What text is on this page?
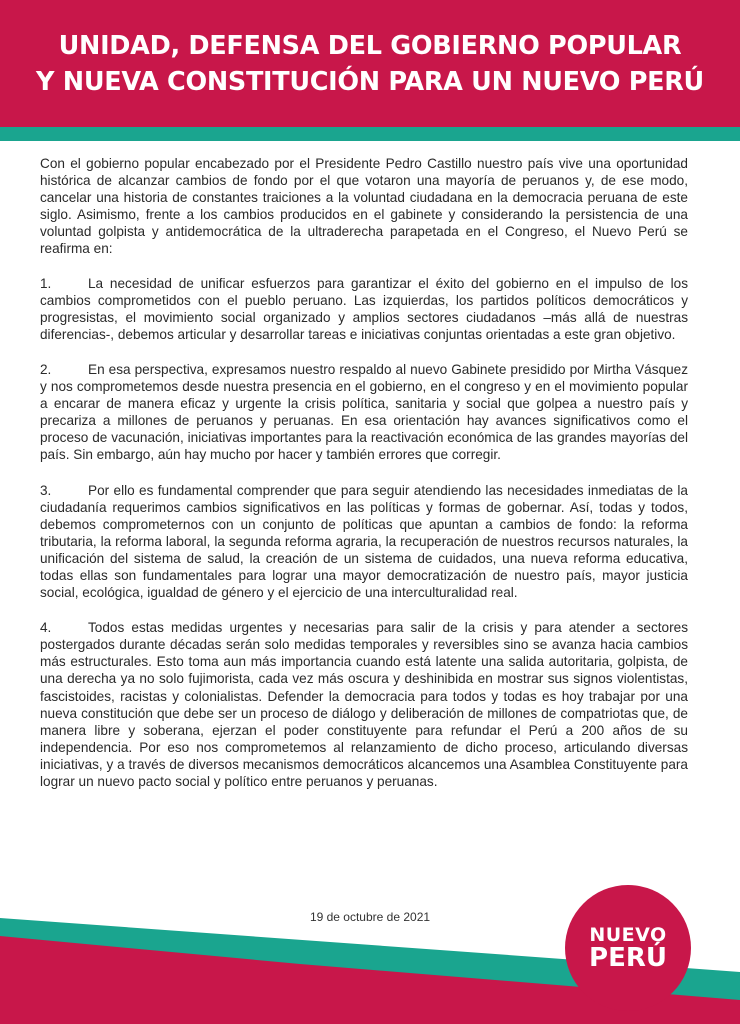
UNIDAD, DEFENSA DEL GOBIERNO POPULAR
Y NUEVA CONSTITUCIÓN PARA UN NUEVO PERÚ

Con el gobierno popular encabezado por el Presidente Pedro Castillo nuestro país vive una oportunidad histórica de alcanzar cambios de fondo por el que votaron una mayoría de peruanos y, de ese modo, cancelar una historia de constantes traiciones a la voluntad ciudadana en la democracia peruana de este siglo. Asimismo, frente a los cambios producidos en el gabinete y considerando la persistencia de una voluntad golpista y antidemocrática de la ultraderecha parapetada en el Congreso, el Nuevo Perú se reafirma en:

1.	La necesidad de unificar esfuerzos para garantizar el éxito del gobierno en el impulso de los cambios comprometidos con el pueblo peruano. Las izquierdas, los partidos políticos democráticos y progresistas, el movimiento social organizado y amplios sectores ciudadanos –más allá de nuestras diferencias-, debemos articular y desarrollar tareas e iniciativas conjuntas orientadas a este gran objetivo.

2.	En esa perspectiva, expresamos nuestro respaldo al nuevo Gabinete presidido por Mirtha Vásquez y nos comprometemos desde nuestra presencia en el gobierno, en el congreso y en el movimiento popular a encarar de manera eficaz y urgente la crisis política, sanitaria y social que golpea a nuestro país y precariza a millones de peruanos y peruanas. En esa orientación hay avances significativos como el proceso de vacunación, iniciativas importantes para la reactivación económica de las grandes mayorías del país. Sin embargo, aún hay mucho por hacer y también errores que corregir.

3.	Por ello es fundamental comprender que para seguir atendiendo las necesidades inmediatas de la ciudadanía requerimos cambios significativos en las políticas y formas de gobernar. Así, todas y todos, debemos comprometernos con un conjunto de políticas que apuntan a cambios de fondo: la reforma tributaria, la reforma laboral, la segunda reforma agraria, la recuperación de nuestros recursos naturales, la unificación del sistema de salud, la creación de un sistema de cuidados, una nueva reforma educativa, todas ellas son fundamentales para lograr una mayor democratización de nuestro país, mayor justicia social, ecológica, igualdad de género y el ejercicio de una interculturalidad real.

4.	Todos estas medidas urgentes y necesarias para salir de la crisis y para atender a sectores postergados durante décadas serán solo medidas temporales y reversibles sino se avanza hacia cambios más estructurales. Esto toma aun más importancia cuando está latente una salida autoritaria, golpista, de una derecha ya no solo fujimorista, cada vez más oscura y deshinibida en mostrar sus signos violentistas, fascistoides, racistas y colonialistas. Defender la democracia para todos y todas es hoy trabajar por una nueva constitución que debe ser un proceso de diálogo y deliberación de millones de compatriotas que, de manera libre y soberana, ejerzan el poder constituyente para refundar el Perú a 200 años de su independencia. Por eso nos comprometemos al relanzamiento de dicho proceso, articulando diversas iniciativas, y a través de diversos mecanismos democráticos alcancemos una Asamblea Constituyente para lograr un nuevo pacto social y político entre peruanos y peruanas.

19 de octubre de 2021
NUEVO
PERÚ
